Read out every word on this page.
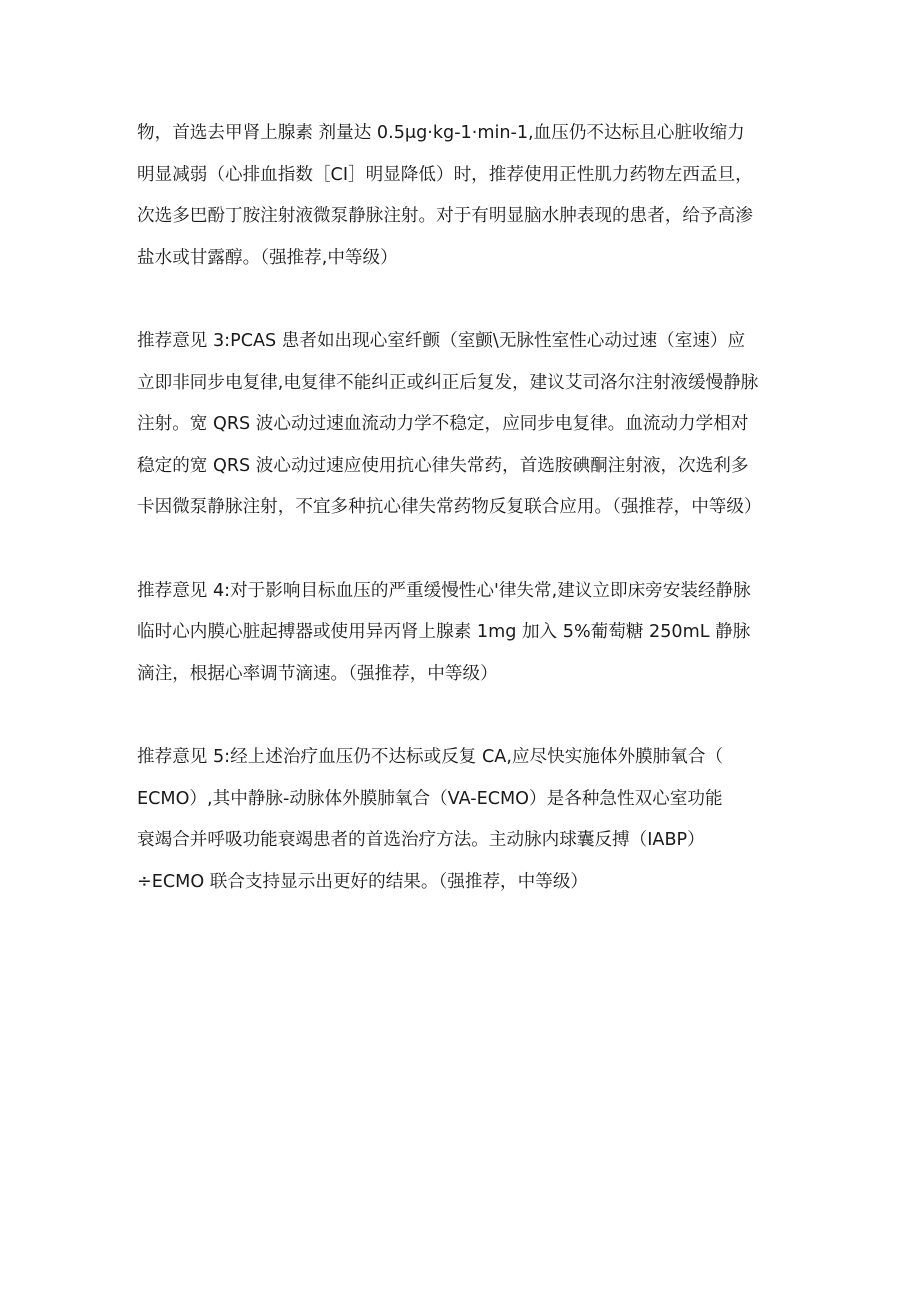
物，首选去甲肾上腺素 剂量达 0.5μg·kg-1·min-1,血压仍不达标且心脏收缩力
明显减弱（心排血指数［CI］明显降低）时，推荐使用正性肌力药物左西孟旦，
次选多巴酚丁胺注射液微泵静脉注射。对于有明显脑水肿表现的患者，给予高渗
盐水或甘露醇。（强推荐,中等级）
推荐意见 3:PCAS 患者如出现心室纤颤（室颤\无脉性室性心动过速（室速）应
立即非同步电复律,电复律不能纠正或纠正后复发，建议艾司洛尔注射液缓慢静脉
注射。宽 QRS 波心动过速血流动力学不稳定，应同步电复律。血流动力学相对
稳定的宽 QRS 波心动过速应使用抗心律失常药，首选胺碘酮注射液，次选利多
卡因微泵静脉注射，不宜多种抗心律失常药物反复联合应用。（强推荐，中等级）
推荐意见 4:对于影响目标血压的严重缓慢性心'律失常,建议立即床旁安装经静脉
临时心内膜心脏起搏器或使用异丙肾上腺素 1mg 加入 5%葡萄糖 250mL 静脉
滴注，根据心率调节滴速。（强推荐，中等级）
推荐意见 5:经上述治疗血压仍不达标或反复 CA,应尽快实施体外膜肺氧合（
ECMO）,其中静脉-动脉体外膜肺氧合（VA-ECMO）是各种急性双心室功能
衰竭合并呼吸功能衰竭患者的首选治疗方法。主动脉内球囊反搏（IABP）
÷ECMO 联合支持显示出更好的结果。（强推荐，中等级）
